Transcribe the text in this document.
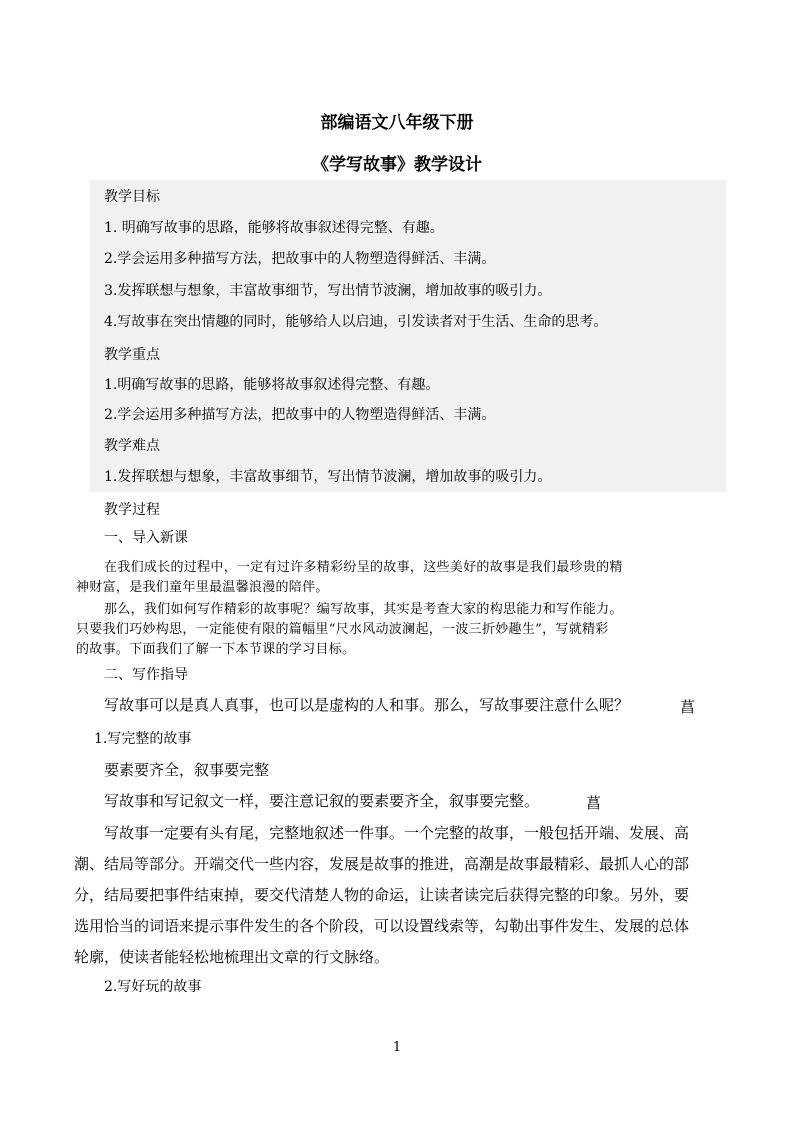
部编语文八年级下册
《学写故事》教学设计
教学目标
1. 明确写故事的思路，能够将故事叙述得完整、有趣。
2.学会运用多种描写方法，把故事中的人物塑造得鲜活、丰满。
3.发挥联想与想象，丰富故事细节，写出情节波澜，增加故事的吸引力。
4.写故事在突出情趣的同时，能够给人以启迪，引发读者对于生活、生命的思考。
教学重点
1.明确写故事的思路，能够将故事叙述得完整、有趣。
2.学会运用多种描写方法，把故事中的人物塑造得鲜活、丰满。
教学难点
1.发挥联想与想象，丰富故事细节，写出情节波澜，增加故事的吸引力。
教学过程
一、导入新课
在我们成长的过程中，一定有过许多精彩纷呈的故事，这些美好的故事是我们最珍贵的精
神财富，是我们童年里最温馨浪漫的陪伴。
那么，我们如何写作精彩的故事呢？编写故事，其实是考查大家的构思能力和写作能力。
只要我们巧妙构思，一定能使有限的篇幅里“尺水风动波澜起，一波三折妙趣生”，写就精彩
的故事。下面我们了解一下本节课的学习目标。
二、写作指导
写故事可以是真人真事，也可以是虚构的人和事。那么，写故事要注意什么呢？	菖
1.写完整的故事
要素要齐全，叙事要完整
写故事和写记叙文一样，要注意记叙的要素要齐全，叙事要完整。	菖
写故事一定要有头有尾，完整地叙述一件事。一个完整的故事，一般包括开端、发展、高
潮、结局等部分。开端交代一些内容，发展是故事的推进，高潮是故事最精彩、最抓人心的部
分，结局要把事件结束掉，要交代清楚人物的命运，让读者读完后获得完整的印象。另外，要
选用恰当的词语来提示事件发生的各个阶段，可以设置线索等，勾勒出事件发生、发展的总体
轮廓，使读者能轻松地梳理出文章的行文脉络。
2.写好玩的故事
1
